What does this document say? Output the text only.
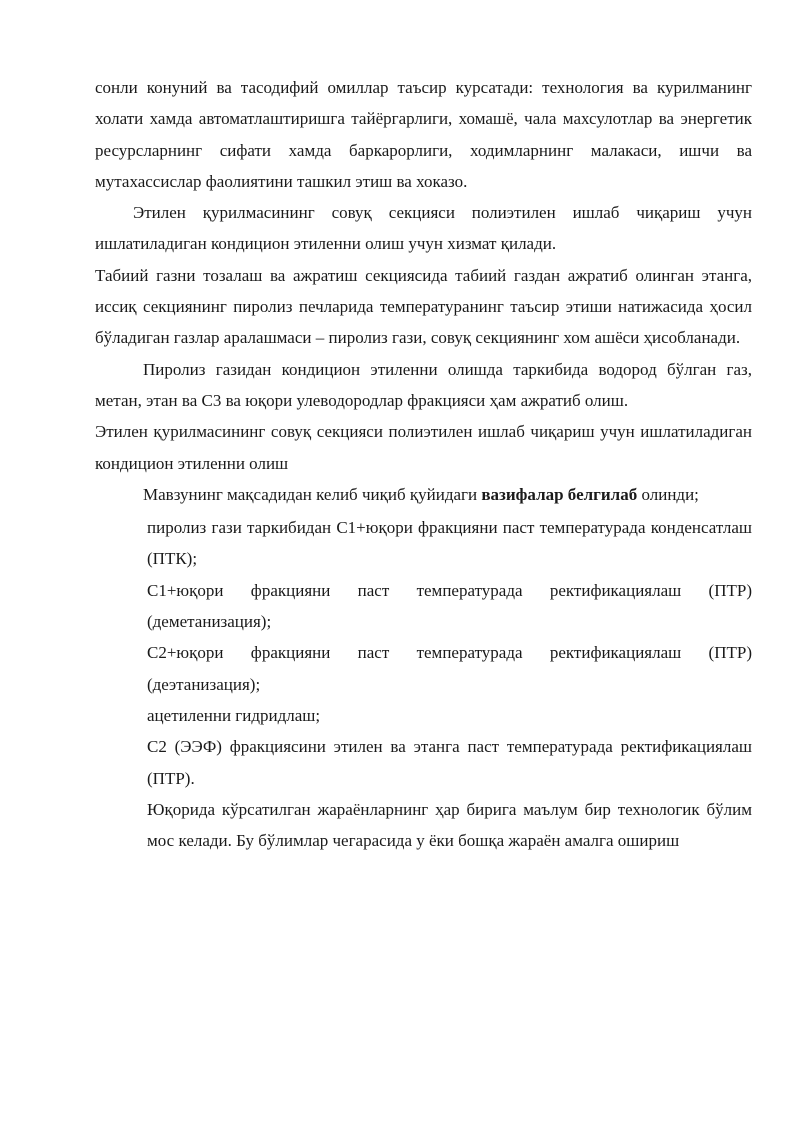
сонли конуний ва тасодифий омиллар таъсир курсатади: технология ва курилманинг холати хамда автоматлаштиришга тайёргарлиги, хомашё, чала махсулотлар ва энергетик ресурсларнинг сифати хамда баркарорлиги, ходимларнинг малакаси, ишчи ва мутахассислар фаолиятини ташкил этиш ва хоказо.

Этилен қурилмасининг совуқ секцияси полиэтилен ишлаб чиқариш учун ишлатиладиган кондицион этиленни олиш учун хизмат қилади.

Табиий газни тозалаш ва ажратиш секциясида табиий газдан ажратиб олинган этанга, иссиқ секциянинг пиролиз печларида температуранинг таъсир этиши натижасида ҳосил бўладиган газлар аралашмаси – пиролиз гази, совуқ секциянинг хом ашёси ҳисобланади.

Пиролиз газидан кондицион этиленни олишда таркибида водород бўлган газ, метан, этан ва С3 ва юқори улеводородлар фракцияси ҳам ажратиб олиш.

Этилен қурилмасининг совуқ секцияси полиэтилен ишлаб чиқариш учун ишлатиладиган кондицион этиленни олиш

Mавзунинг мақсадидан келиб чиқиб қуйидаги вазифалар белгилаб олинди;

пиролиз гази таркибидан С1+юқори фракцияни паст температурада конденсатлаш (ПТК);
С1+юқори фракцияни паст температурада ректификациялаш (ПТР) (деметанизация);
С2+юқори фракцияни паст температурада ректификациялаш (ПТР) (деэтанизация);
ацетиленни гидридлаш;
С2 (ЭЭФ) фракциясини этилен ва этанга паст температурада ректификациялаш (ПТР).
Юқорида кўрсатилган жараёнларнинг ҳар бирига маълум бир технологик бўлим мос келади. Бу бўлимлар чегарасида у ёки бошқа жараён амалга ошириш
